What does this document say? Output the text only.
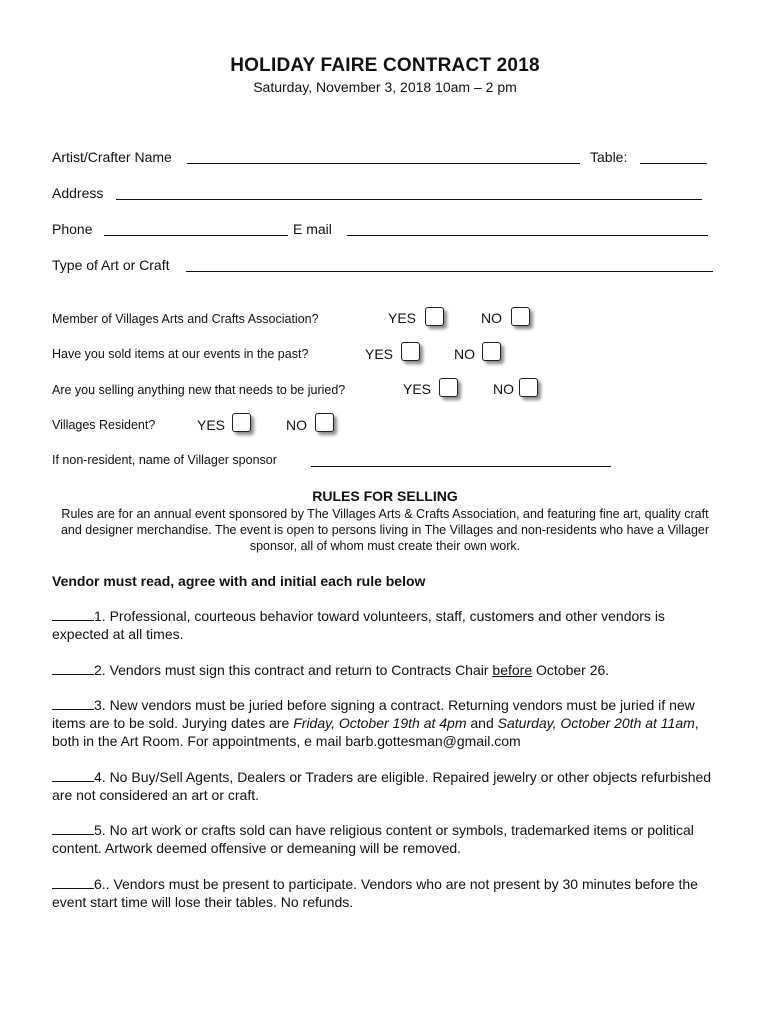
HOLIDAY FAIRE CONTRACT 2018
Saturday, November 3, 2018 10am – 2 pm
Artist/Crafter Name	Table:
Address
Phone	E mail
Type of Art or Craft
Member of Villages Arts and Crafts Association?	YES	NO
Have you sold items at our events in the past?	YES	NO
Are you selling anything new that needs to be juried?	YES	NO
Villages Resident?	YES	NO
If non-resident, name of Villager sponsor
RULES FOR SELLING
Rules are for an annual event sponsored by The Villages Arts & Crafts Association, and featuring fine art, quality craft and designer merchandise. The event is open to persons living in The Villages and non-residents who have a Villager sponsor, all of whom must create their own work.
Vendor must read, agree with and initial each rule below
1. Professional, courteous behavior toward volunteers, staff, customers and other vendors is expected at all times.
2. Vendors must sign this contract and return to Contracts Chair before October 26.
3. New vendors must be juried before signing a contract. Returning vendors must be juried if new items are to be sold. Jurying dates are Friday, October 19th at 4pm and Saturday, October 20th at 11am, both in the Art Room. For appointments, e mail barb.gottesman@gmail.com
4. No Buy/Sell Agents, Dealers or Traders are eligible. Repaired jewelry or other objects refurbished are not considered an art or craft.
5. No art work or crafts sold can have religious content or symbols, trademarked items or political content. Artwork deemed offensive or demeaning will be removed.
6.. Vendors must be present to participate. Vendors who are not present by 30 minutes before the event start time will lose their tables. No refunds.
